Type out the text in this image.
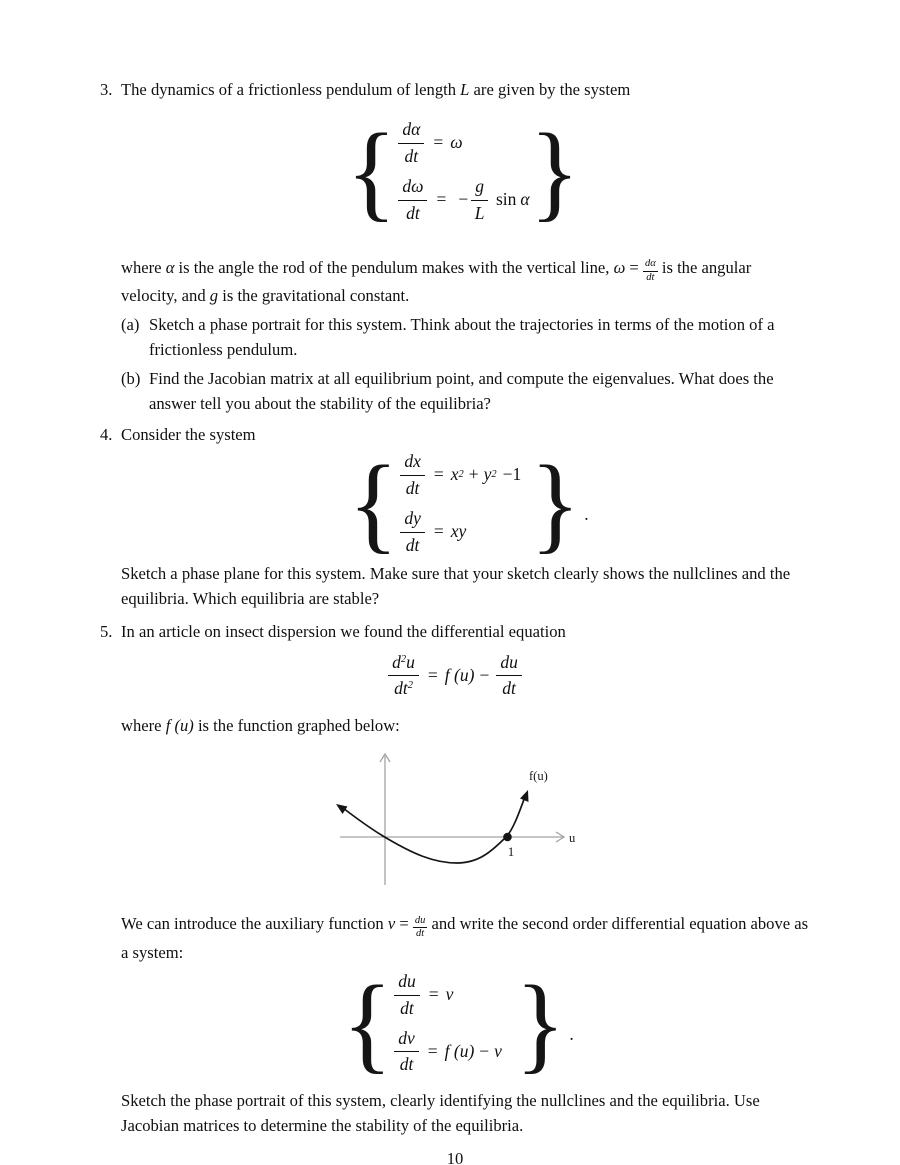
3. The dynamics of a frictionless pendulum of length L are given by the system
{ $\frac{d\alpha}{dt} = \omega$
$\frac{d\omega}{dt}$ = − $\frac{g}{L}$ sin α }

where α is the angle the rod of the pendulum makes with the vertical line, $\omega = \frac{d\alpha}{dt}$ is the angular velocity, and g is the gravitational constant.

(a) Sketch a phase portrait for this system. Think about the trajectories in terms of the motion of a frictionless pendulum.
(b) Find the Jacobian matrix at all equilibrium point, and compute the eigenvalues. What does the answer tell you about the stability of the equilibria?
4. Consider the system
{ $\frac{dx}{dt} = x$ 2 + y 2 −1
$\frac{dy}{dt}$ = xy } .

Sketch a phase plane for this system. Make sure that your sketch clearly shows the nullclines and the equilibria. Which equilibria are stable?

5. In an article on insect dispersion we found the differential equation
$\frac{d^2u}{dt^2} = f$ $(u) - \frac{du}{dt}$

where f (u) is the function graphed below:

f(u)
u
1

We can introduce the auxiliary function $v = \frac{du}{dt}$ and write the second order differential equation above as a system:

{ $\frac{du}{dt} = v$
$\frac{dv}{dt} = f$ (u) − v } .

Sketch the phase portrait of this system, clearly identifying the nullclines and the equilibria. Use Jacobian matrices to determine the stability of the equilibria.

10
